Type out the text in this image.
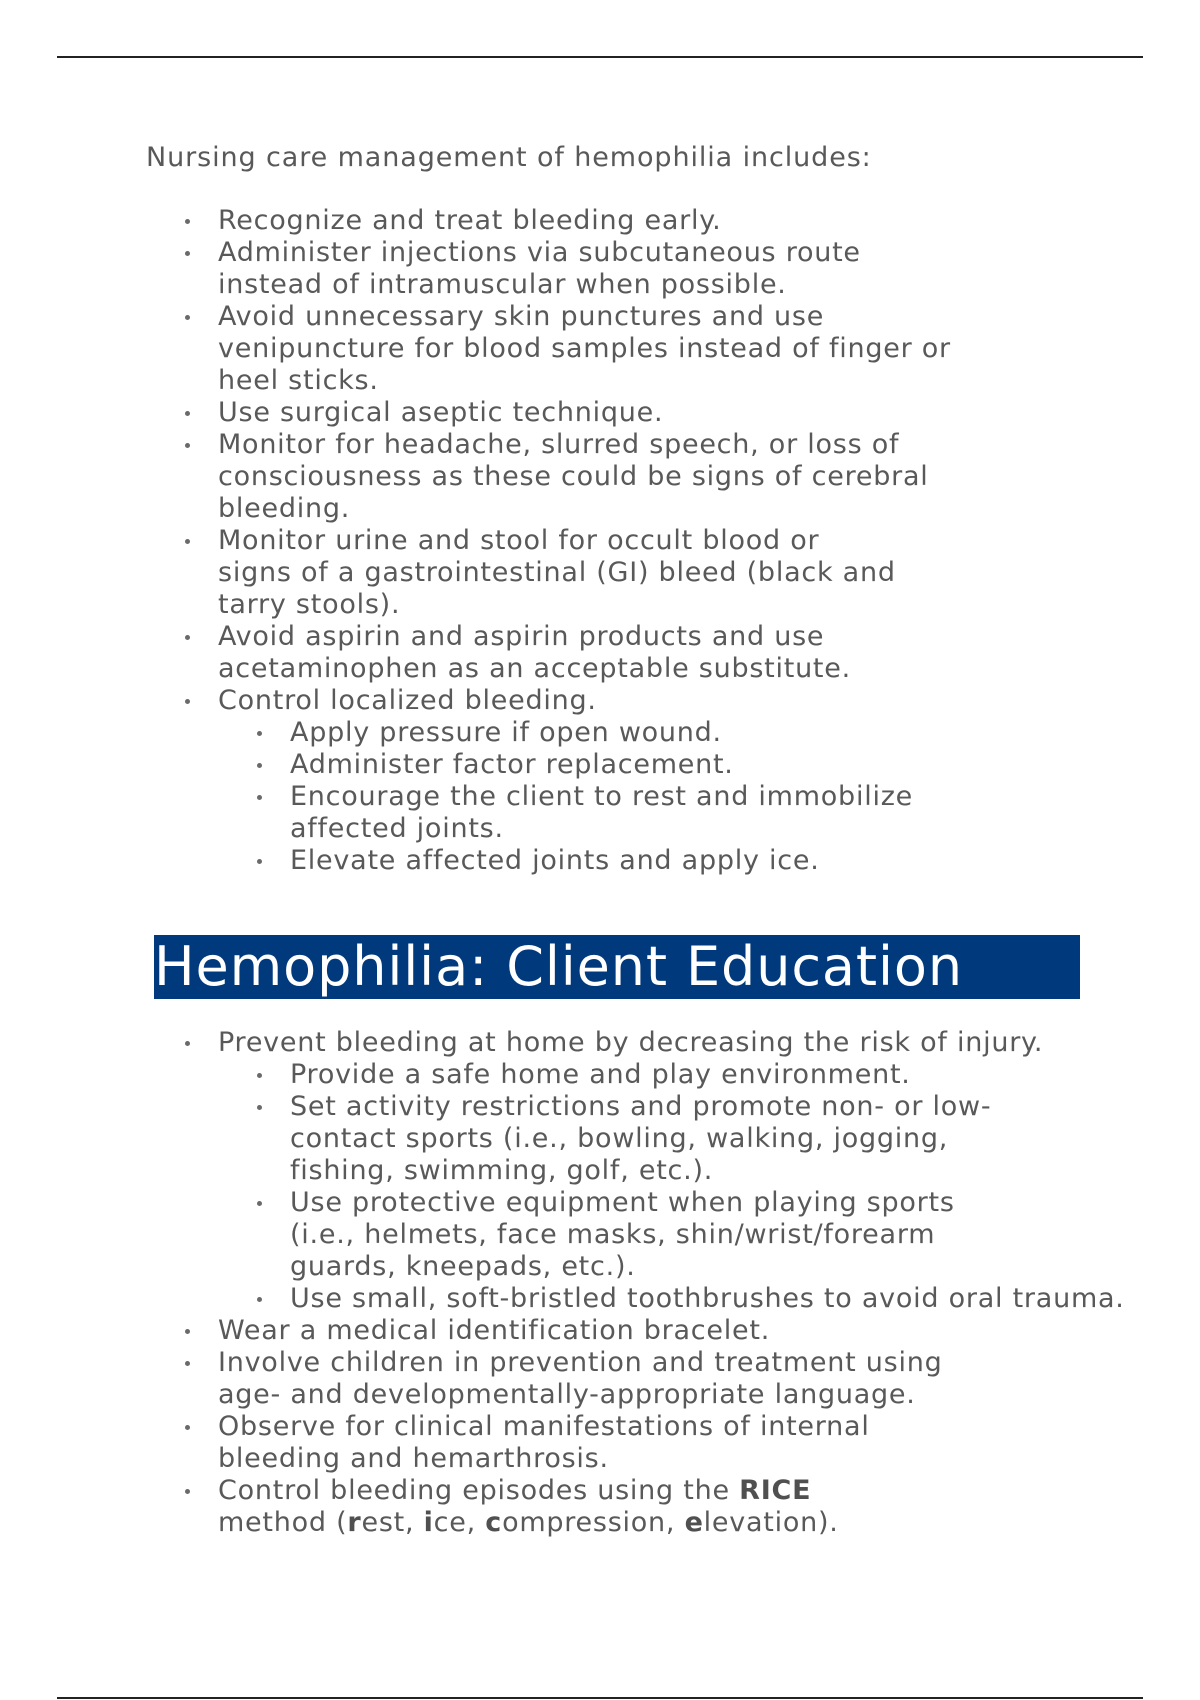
Nursing care management of hemophilia includes:

Recognize and treat bleeding early.
Administer injections via subcutaneous route
instead of intramuscular when possible.
Avoid unnecessary skin punctures and use
venipuncture for blood samples instead of finger or
heel sticks.
Use surgical aseptic technique.
Monitor for headache, slurred speech, or loss of
consciousness as these could be signs of cerebral
bleeding.
Monitor urine and stool for occult blood or
signs of a gastrointestinal (GI) bleed (black and
tarry stools).
Avoid aspirin and aspirin products and use
acetaminophen as an acceptable substitute.
Control localized bleeding.
Apply pressure if open wound.
Administer factor replacement.
Encourage the client to rest and immobilize
affected joints.
Elevate affected joints and apply ice.
Hemophilia: Client Education
Prevent bleeding at home by decreasing the risk of injury.
Provide a safe home and play environment.
Set activity restrictions and promote non- or low-
contact sports (i.e., bowling, walking, jogging,
fishing, swimming, golf, etc.).
Use protective equipment when playing sports
(i.e., helmets, face masks, shin/wrist/forearm
guards, kneepads, etc.).
Use small, soft-bristled toothbrushes to avoid oral trauma.
Wear a medical identification bracelet.
Involve children in prevention and treatment using
age- and developmentally-appropriate language.
Observe for clinical manifestations of internal
bleeding and hemarthrosis.
Control bleeding episodes using the RICE
method (rest, ice, compression, elevation).
